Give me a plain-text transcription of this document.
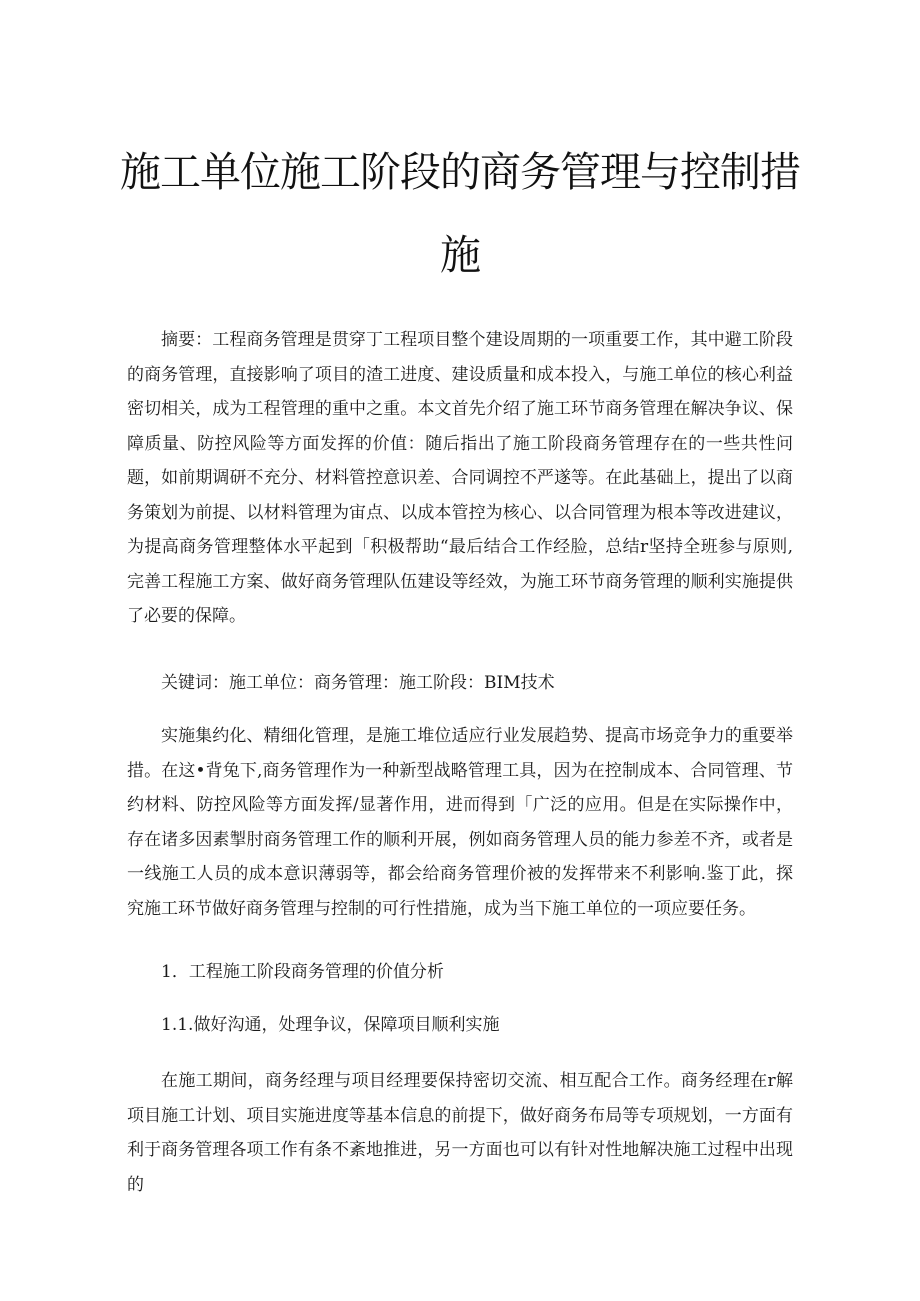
施工单位施工阶段的商务管理与控制措
施

摘要：工程商务管理是贯穿丁工程项目整个建设周期的一项重要工作，其中避工阶段的商务管理，直接影响了项目的渣工进度、建设质量和成本投入，与施工单位的核心利益密切相关，成为工程管理的重中之重。本文首先介绍了施工环节商务管理在解决争议、保障质量、防控风险等方面发挥的价值：随后指出了施工阶段商务管理存在的一些共性问题，如前期调研不充分、材料管控意识差、合同调控不严遂等。在此基础上，提出了以商务策划为前提、以材料管理为宙点、以成本管控为核心、以合同管理为根本等改进建议，为提高商务管理整体水平起到「积极帮助“最后结合工作经脸，总结r坚持全班参与原则,完善工程施工方案、做好商务管理队伍建设等经效，为施工环节商务管理的顺利实施提供了必要的保障。

关键词：施工单位：商务管理：施工阶段：BIM技术

实施集约化、精细化管理，是施工堆位适应行业发展趋势、提高市场竞争力的重要举措。在这•背兔下,商务管理作为一种新型战略管理工具，因为在控制成本、合同管理、节约材料、防控风险等方面发挥/显著作用，进而得到「广泛的应用。但是在实际操作中，存在诸多因素掣肘商务管理工作的顺利开展，例如商务管理人员的能力参差不齐，或者是一线施工人员的成本意识薄弱等，都会给商务管理价被的发挥带来不利影响.鉴丁此，探究施工环节做好商务管理与控制的可行性措施，成为当下施工单位的一项应要任务。

1．工程施工阶段商务管理的价值分析

1.1.做好沟通，处理争议，保障项目顺利实施

在施工期间，商务经理与项目经理要保持密切交流、相互配合工作。商务经理在r解项目施工计划、项目实施进度等基本信息的前提下，做好商务布局等专项规划，一方面有利于商务管理各项工作有条不紊地推进，另一方面也可以有针对性地解决施工过程中出现的
